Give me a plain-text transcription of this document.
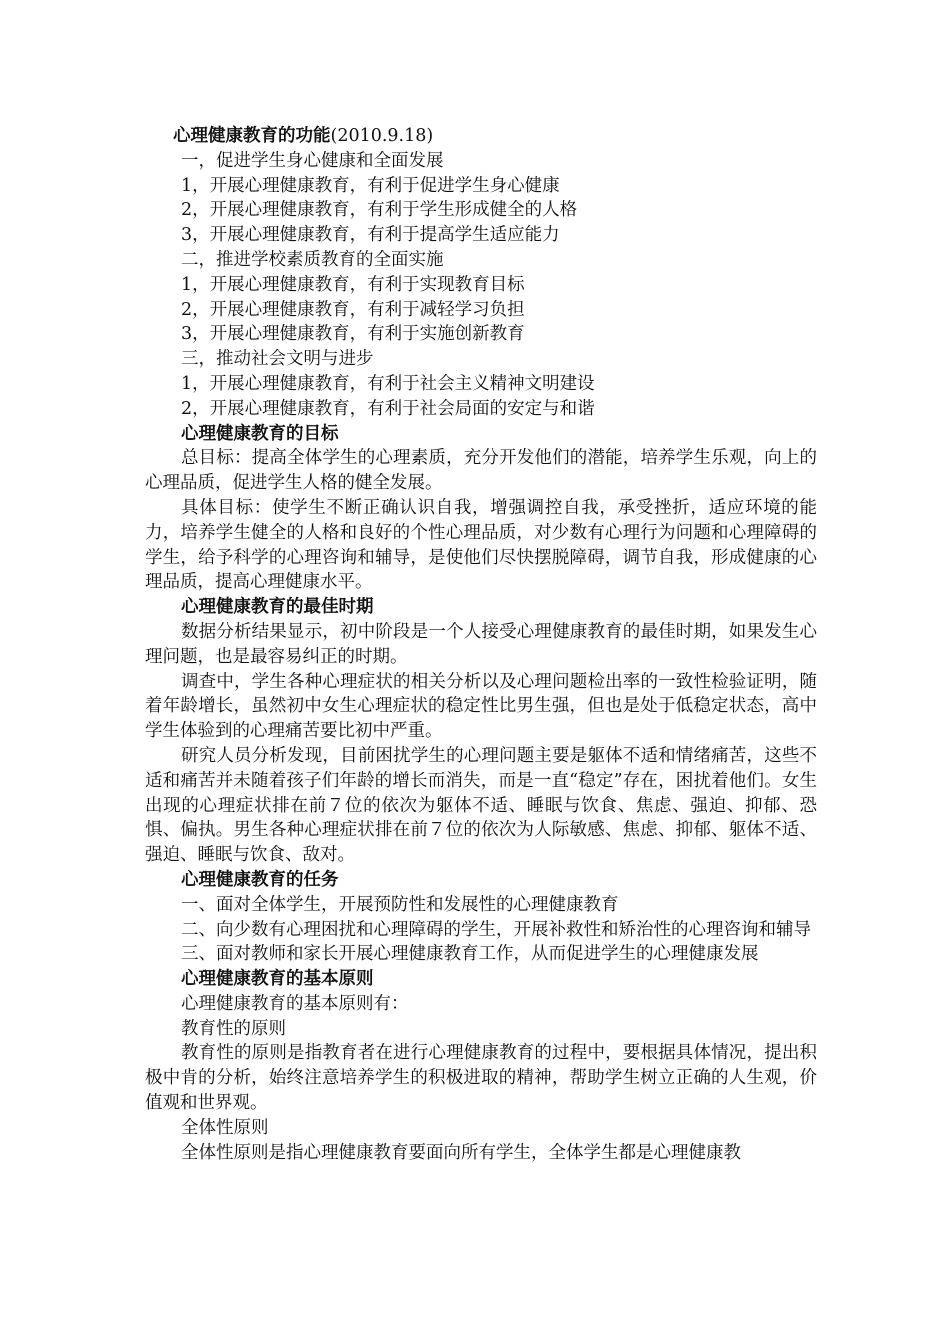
心理健康教育的功能(2010.9.18)
一，促进学生身心健康和全面发展
1，开展心理健康教育，有利于促进学生身心健康
2，开展心理健康教育，有利于学生形成健全的人格
3，开展心理健康教育，有利于提高学生适应能力
二，推进学校素质教育的全面实施
1，开展心理健康教育，有利于实现教育目标
2，开展心理健康教育，有利于减轻学习负担
3，开展心理健康教育，有利于实施创新教育
三，推动社会文明与进步
1，开展心理健康教育，有利于社会主义精神文明建设
2，开展心理健康教育，有利于社会局面的安定与和谐
心理健康教育的目标

总目标：提高全体学生的心理素质，充分开发他们的潜能，培养学生乐观，向上的心理品质，促进学生人格的健全发展。

具体目标：使学生不断正确认识自我，增强调控自我，承受挫折，适应环境的能力，培养学生健全的人格和良好的个性心理品质，对少数有心理行为问题和心理障碍的学生，给予科学的心理咨询和辅导，是使他们尽快摆脱障碍，调节自我，形成健康的心理品质，提高心理健康水平。

心理健康教育的最佳时期

数据分析结果显示，初中阶段是一个人接受心理健康教育的最佳时期，如果发生心理问题，也是最容易纠正的时期。

调查中，学生各种心理症状的相关分析以及心理问题检出率的一致性检验证明，随着年龄增长，虽然初中女生心理症状的稳定性比男生强，但也是处于低稳定状态，高中学生体验到的心理痛苦要比初中严重。

研究人员分析发现，目前困扰学生的心理问题主要是躯体不适和情绪痛苦，这些不适和痛苦并未随着孩子们年龄的增长而消失，而是一直“稳定”存在，困扰着他们。女生出现的心理症状排在前７位的依次为躯体不适、睡眠与饮食、焦虑、强迫、抑郁、恐惧、偏执。男生各种心理症状排在前７位的依次为人际敏感、焦虑、抑郁、躯体不适、强迫、睡眠与饮食、敌对。

心理健康教育的任务

一、面对全体学生，开展预防性和发展性的心理健康教育

二、向少数有心理困扰和心理障碍的学生，开展补救性和矫治性的心理咨询和辅导

三、面对教师和家长开展心理健康教育工作，从而促进学生的心理健康发展

心理健康教育的基本原则
心理健康教育的基本原则有：
教育性的原则

教育性的原则是指教育者在进行心理健康教育的过程中，要根据具体情况，提出积极中肯的分析，始终注意培养学生的积极进取的精神，帮助学生树立正确的人生观，价值观和世界观。

全体性原则

全体性原则是指心理健康教育要面向所有学生，全体学生都是心理健康教
